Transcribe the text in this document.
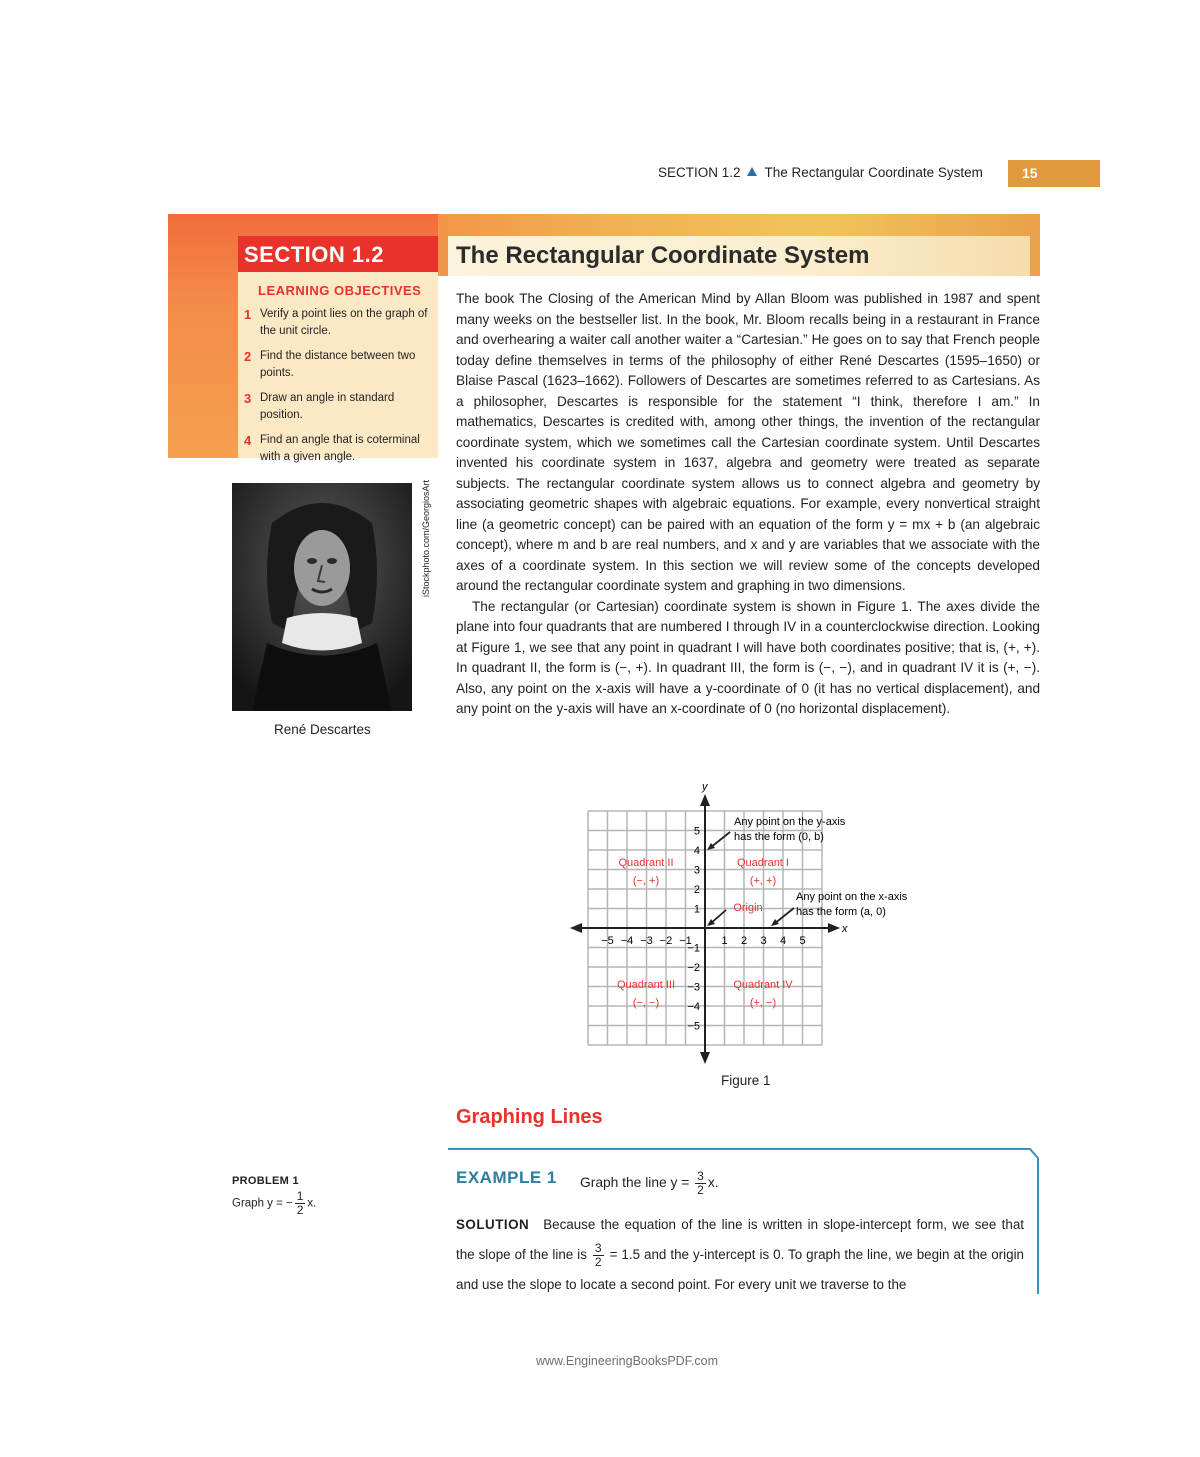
SECTION 1.2 The Rectangular Coordinate System	15
SECTION 1.2	The Rectangular Coordinate System
LEARNING OBJECTIVES
1 Verify a point lies on the graph of the unit circle.
2 Find the distance between two points.
3 Draw an angle in standard position.
4 Find an angle that is coterminal with a given angle.
iStockphoto.com/GeorgiosArt
René Descartes

The book The Closing of the American Mind by Allan Bloom was published in 1987 and spent many weeks on the bestseller list. In the book, Mr. Bloom recalls being in a restaurant in France and overhearing a waiter call another waiter a “Cartesian.” He goes on to say that French people today define themselves in terms of the philosophy of either René Descartes (1595–1650) or Blaise Pascal (1623–1662). Followers of Descartes are sometimes referred to as Cartesians. As a philosopher, Descartes is responsible for the statement “I think, therefore I am.” In mathematics, Descartes is credited with, among other things, the invention of the rectangular coordinate system, which we sometimes call the Cartesian coordinate system. Until Descartes invented his coordinate system in 1637, algebra and geometry were treated as separate subjects. The rectangular coordinate system allows us to connect algebra and geometry by associating geometric shapes with algebraic equations. For example, every nonvertical straight line (a geometric concept) can be paired with an equation of the form y = mx + b (an algebraic concept), where m and b are real numbers, and x and y are variables that we associate with the axes of a coordinate system. In this section we will review some of the concepts developed around the rectangular coordinate system and graphing in two dimensions.

The rectangular (or Cartesian) coordinate system is shown in Figure 1. The axes divide the plane into four quadrants that are numbered I through IV in a counterclockwise direction. Looking at Figure 1, we see that any point in quadrant I will have both coordinates positive; that is, (+, +). In quadrant II, the form is (−, +). In quadrant III, the form is (−, −), and in quadrant IV it is (+, −). Also, any point on the x-axis will have a y-coordinate of 0 (it has no vertical displacement), and any point on the y-axis will have an x-coordinate of 0 (no horizontal displacement).

x
y
−5 −4 −3 −2 −1	1 2 3 4 5
5
4
3
2
1
−1
−2
−3
−4
−5
Quadrant II
(−, +)
Quadrant I
(+, +)
Quadrant III
(−, −)
Quadrant IV
(+, −)
Origin
Any point on the y-axis
has the form (0, b)
Any point on the x-axis
has the form (a, 0)
Figure 1
Graphing Lines
EXAMPLE 1 Graph the line $y = \frac{3}{2} x$.
SOLUTION Because the equation of the line is written in slope-intercept form, we see that the slope of the line is $\frac{3}{2} = 1.5$ and the y-intercept is 0. To graph the line, we begin at the origin and use the slope to locate a second point. For every unit we traverse to the
PROBLEM 1
Graph y = − $\frac{1}{2} x$.
www.EngineeringBooksPDF.com
